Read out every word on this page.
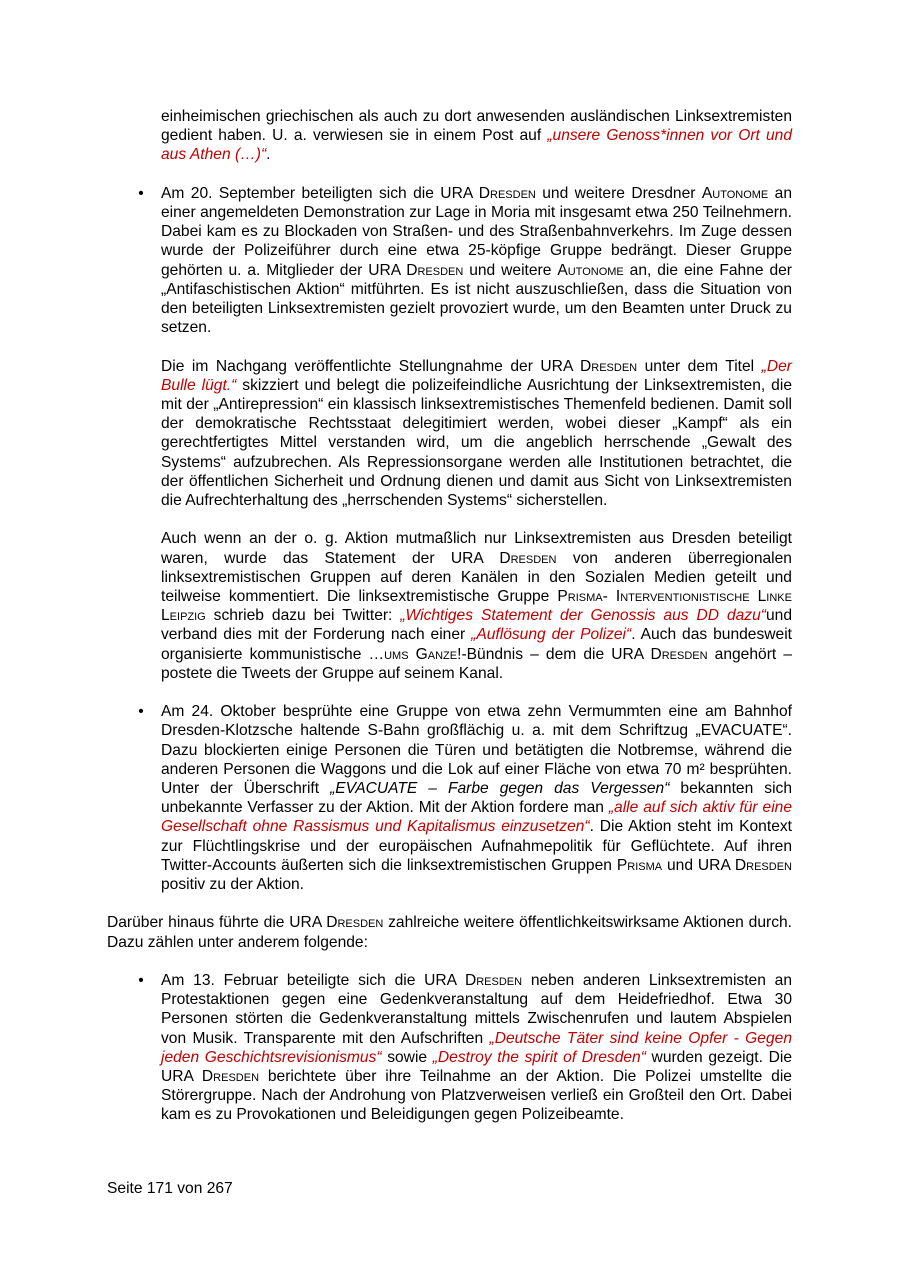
einheimischen griechischen als auch zu dort anwesenden ausländischen Linksextremisten gedient haben. U. a. verwiesen sie in einem Post auf „unsere Genoss*innen vor Ort und aus Athen (…)“.

• Am 20. September beteiligten sich die URA Dresden und weitere Dresdner Autonome an einer angemeldeten Demonstration zur Lage in Moria mit insgesamt etwa 250 Teilnehmern. Dabei kam es zu Blockaden von Straßen- und des Straßenbahnverkehrs. Im Zuge dessen wurde der Polizeiführer durch eine etwa 25-köpfige Gruppe bedrängt. Dieser Gruppe gehörten u. a. Mitglieder der URA Dresden und weitere Autonome an, die eine Fahne der „Antifaschistischen Aktion“ mitführten. Es ist nicht auszuschließen, dass die Situation von den beteiligten Linksextremisten gezielt provoziert wurde, um den Beamten unter Druck zu setzen.

Die im Nachgang veröffentlichte Stellungnahme der URA Dresden unter dem Titel „Der Bulle lügt.“ skizziert und belegt die polizeifeindliche Ausrichtung der Linksextremisten, die mit der „Antirepression“ ein klassisch linksextremistisches Themenfeld bedienen. Damit soll der demokratische Rechtsstaat delegitimiert werden, wobei dieser „Kampf“ als ein gerechtfertigtes Mittel verstanden wird, um die angeblich herrschende „Gewalt des Systems“ aufzubrechen. Als Repressionsorgane werden alle Institutionen betrachtet, die der öffentlichen Sicherheit und Ordnung dienen und damit aus Sicht von Linksextremisten die Aufrechterhaltung des „herrschenden Systems“ sicherstellen.

Auch wenn an der o. g. Aktion mutmaßlich nur Linksextremisten aus Dresden beteiligt waren, wurde das Statement der URA Dresden von anderen überregionalen linksextremistischen Gruppen auf deren Kanälen in den Sozialen Medien geteilt und teilweise kommentiert. Die linksextremistische Gruppe Prisma- Interventionistische Linke Leipzig schrieb dazu bei Twitter: „Wichtiges Statement der Genossis aus DD dazu“und verband dies mit der Forderung nach einer „Auflösung der Polizei“. Auch das bundesweit organisierte kommunistische …ums Ganze!-Bündnis – dem die URA Dresden angehört – postete die Tweets der Gruppe auf seinem Kanal.

• Am 24. Oktober besprühte eine Gruppe von etwa zehn Vermummten eine am Bahnhof Dresden-Klotzsche haltende S-Bahn großflächig u. a. mit dem Schriftzug „EVACUATE“. Dazu blockierten einige Personen die Türen und betätigten die Notbremse, während die anderen Personen die Waggons und die Lok auf einer Fläche von etwa 70 m² besprühten. Unter der Überschrift „EVACUATE – Farbe gegen das Vergessen“ bekannten sich unbekannte Verfasser zu der Aktion. Mit der Aktion fordere man „alle auf sich aktiv für eine Gesellschaft ohne Rassismus und Kapitalismus einzusetzen“. Die Aktion steht im Kontext zur Flüchtlingskrise und der europäischen Aufnahmepolitik für Geflüchtete. Auf ihren Twitter-Accounts äußerten sich die linksextremistischen Gruppen Prisma und URA Dresden positiv zu der Aktion.

Darüber hinaus führte die URA Dresden zahlreiche weitere öffentlichkeitswirksame Aktionen durch. Dazu zählen unter anderem folgende:

• Am 13. Februar beteiligte sich die URA Dresden neben anderen Linksextremisten an Protestaktionen gegen eine Gedenkveranstaltung auf dem Heidefriedhof. Etwa 30 Personen störten die Gedenkveranstaltung mittels Zwischenrufen und lautem Abspielen von Musik. Transparente mit den Aufschriften „Deutsche Täter sind keine Opfer - Gegen jeden Geschichtsrevisionismus“ sowie „Destroy the spirit of Dresden“ wurden gezeigt. Die URA Dresden berichtete über ihre Teilnahme an der Aktion. Die Polizei umstellte die Störergruppe. Nach der Androhung von Platzverweisen verließ ein Großteil den Ort. Dabei kam es zu Provokationen und Beleidigungen gegen Polizeibeamte.

Seite 171 von 267
